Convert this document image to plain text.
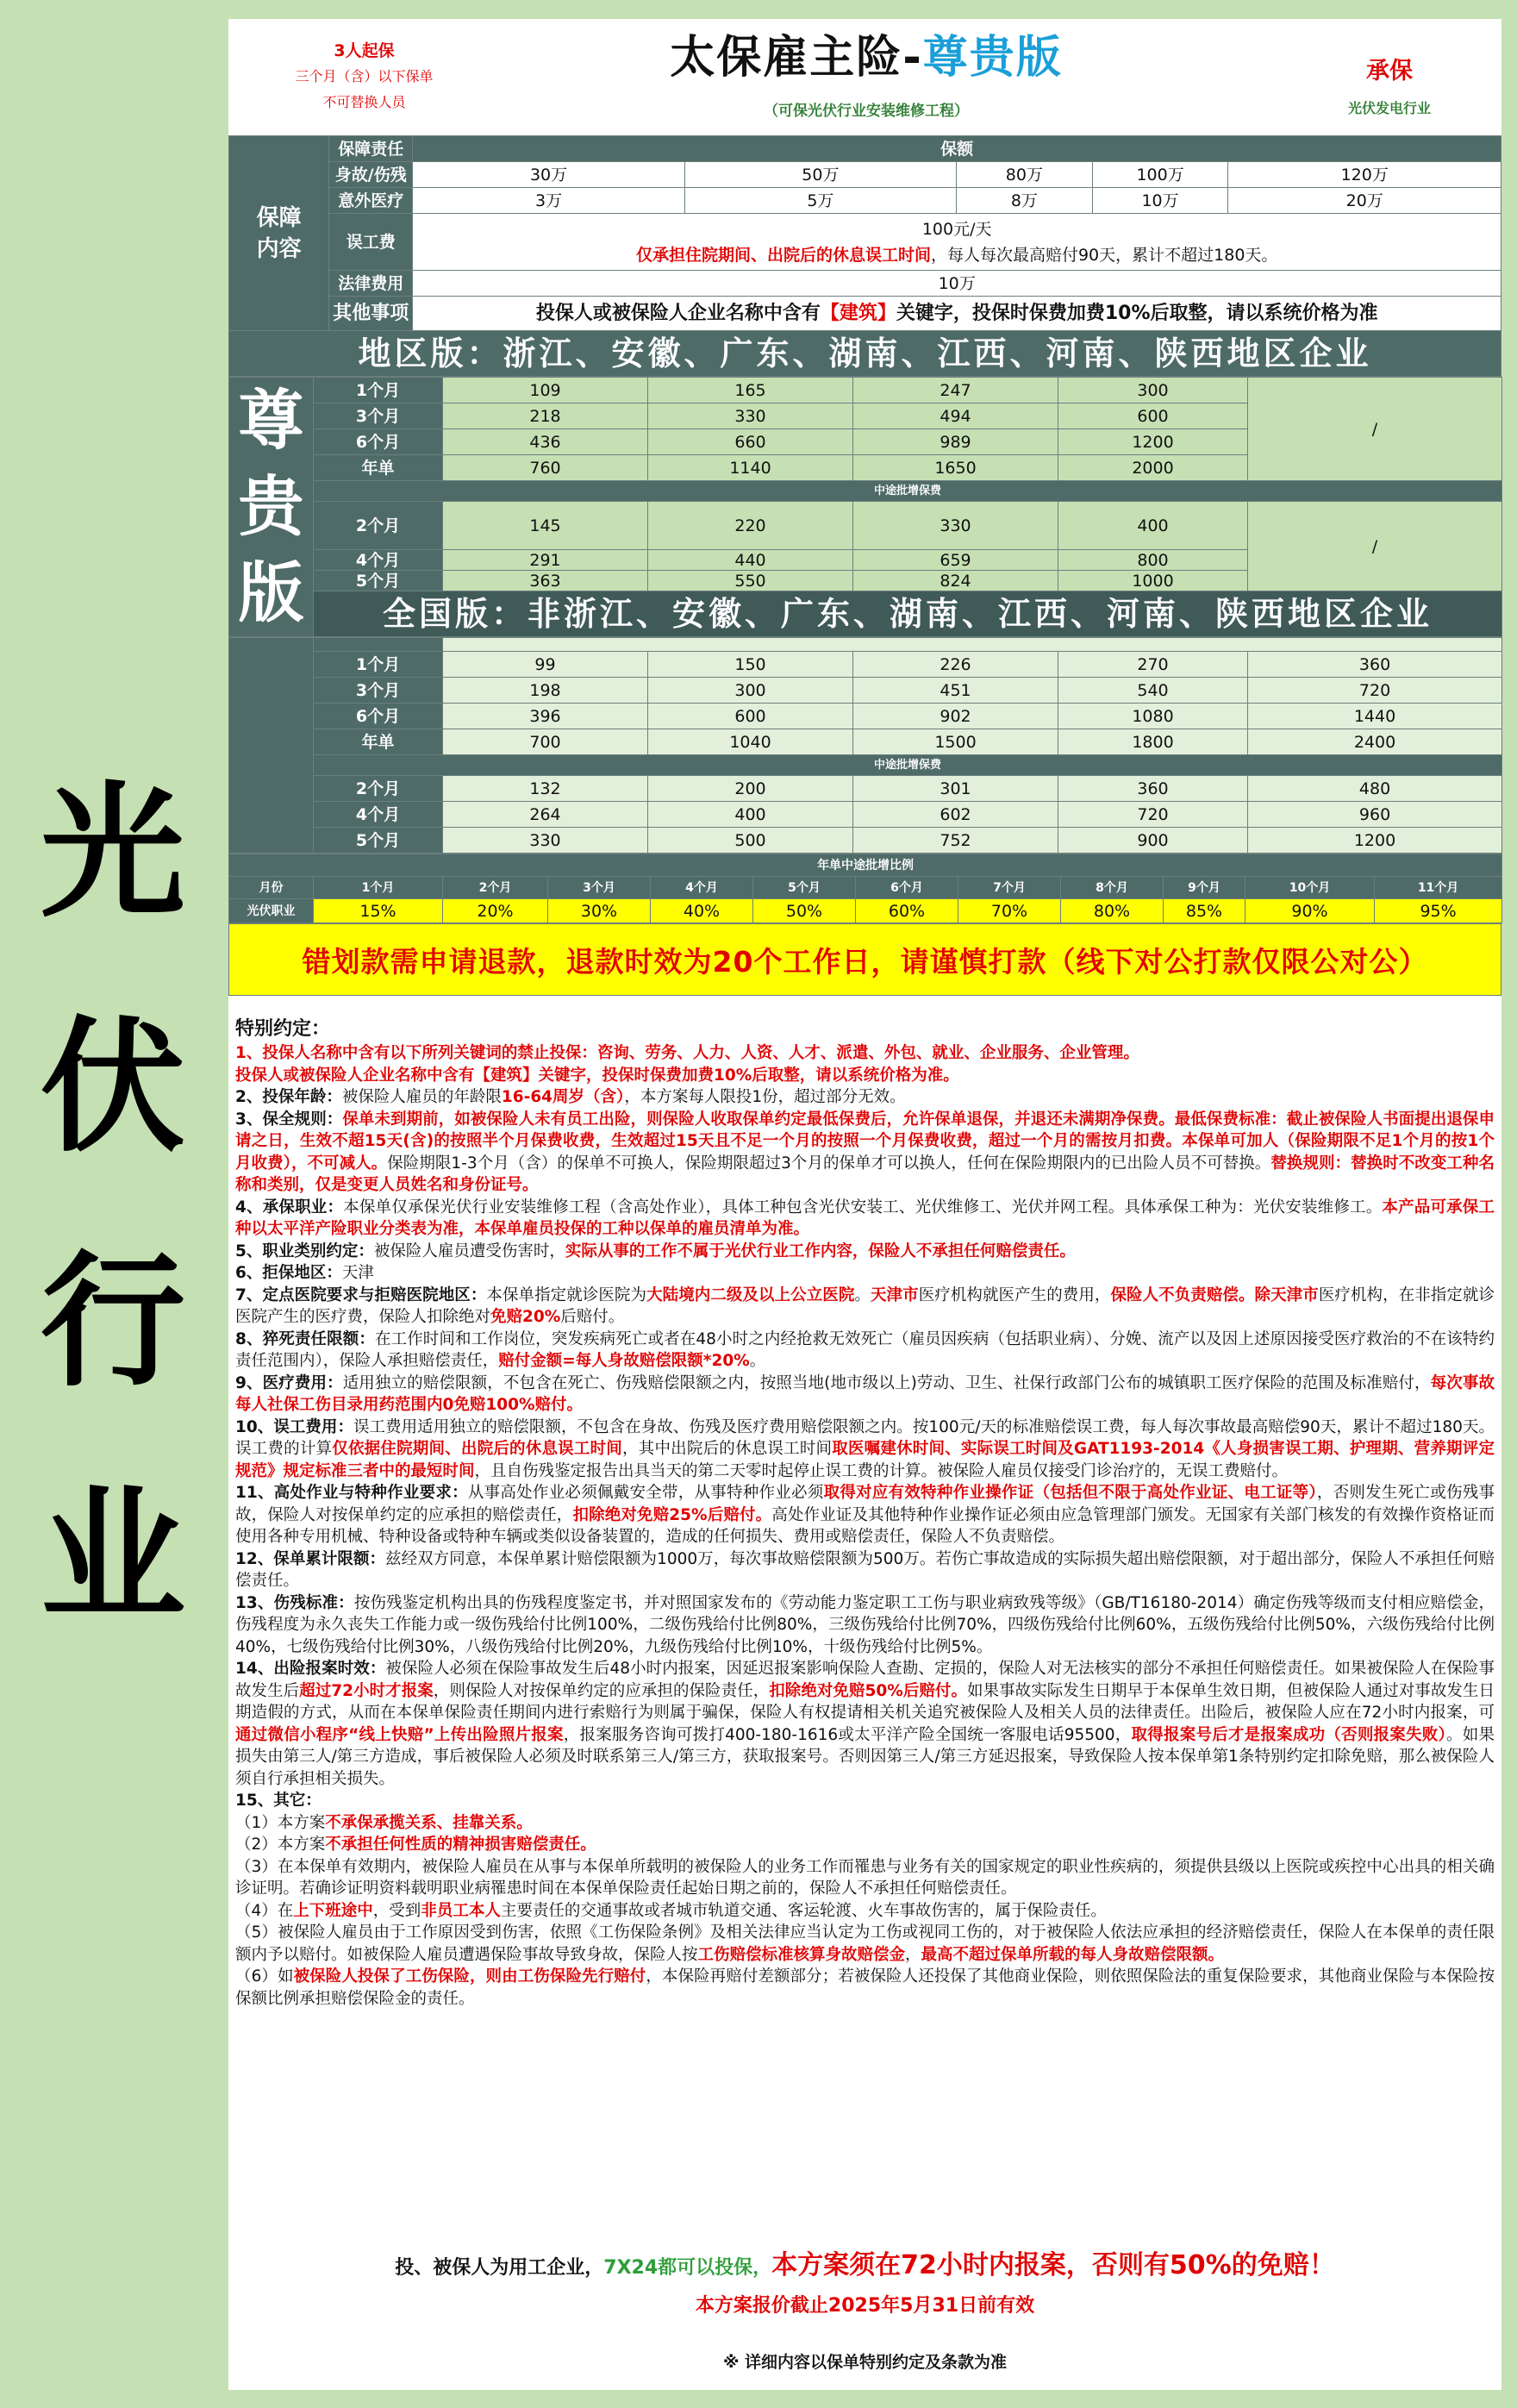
光
伏
行
业
3人起保
三个月（含）以下保单
不可替换人员
太保雇主险-尊贵版
（可保光伏行业安装维修工程）
承保
光伏发电行业
保障
内容	保障责任	保额				
	身故/伤残	30万	50万	80万	100万	120万
	意外医疗	3万	5万	8万	10万	20万
	误工费	100元/天
仅承担住院期间、出院后的休息误工时间，每人每次最高赔付90天，累计不超过180天。				

	法律费用	10万				
	其他事项	投保人或被保险人企业名称中含有【建筑】关键字，投保时保费加费10%后取整，请以系统价格为准				
地区版：浙江、安徽、广东、湖南、江西、河南、陕西地区企业						
尊
贵
版	1个月	109	165	247	300	/
	3个月	218	330	494	600	
	6个月	436	660	989	1200	
	年单	760	1140	1650	2000	
	中途批增保费					
	2个月	145	220	330	400	/
	4个月	291	440	659	800	
	5个月	363	550	824	1000	
	全国版：非浙江、安徽、广东、湖南、江西、河南、陕西地区企业					

	1个月	99	150	226	270	360
	3个月	198	300	451	540	720
	6个月	396	600	902	1080	1440
	年单	700	1040	1500	1800	2400
	中途批增保费					
	2个月	132	200	301	360	480
	4个月	264	400	602	720	960
	5个月	330	500	752	900	1200
年单中途批增比例											
月份	1个月	2个月	3个月	4个月	5个月	6个月	7个月	8个月	9个月	10个月	11个月
光伏职业	15%	20%	30%	40%	50%	60%	70%	80%	85%	90%	95%
错划款需申请退款，退款时效为20个工作日，请谨慎打款（线下对公打款仅限公对公）

特别约定：

1、投保人名称中含有以下所列关键词的禁止投保：咨询、劳务、人力、人资、人才、派遣、外包、就业、企业服务、企业管理。

投保人或被保险人企业名称中含有【建筑】关键字，投保时保费加费10%后取整，请以系统价格为准。

2、投保年龄：被保险人雇员的年龄限16-64周岁（含），本方案每人限投1份，超过部分无效。

3、保全规则：保单未到期前，如被保险人未有员工出险，则保险人收取保单约定最低保费后，允许保单退保，并退还未满期净保费。最低保费标准：截止被保险人书面提出退保申请之日，生效不超15天(含)的按照半个月保费收费，生效超过15天且不足一个月的按照一个月保费收费，超过一个月的需按月扣费。本保单可加人（保险期限不足1个月的按1个月收费），不可减人。保险期限1-3个月（含）的保单不可换人，保险期限超过3个月的保单才可以换人，任何在保险期限内的已出险人员不可替换。替换规则：替换时不改变工种名称和类别，仅是变更人员姓名和身份证号。

4、承保职业：本保单仅承保光伏行业安装维修工程（含高处作业），具体工种包含光伏安装工、光伏维修工、光伏并网工程。具体承保工种为：光伏安装维修工。本产品可承保工种以太平洋产险职业分类表为准，本保单雇员投保的工种以保单的雇员清单为准。

5、职业类别约定：被保险人雇员遭受伤害时，实际从事的工作不属于光伏行业工作内容，保险人不承担任何赔偿责任。

6、拒保地区：天津

7、定点医院要求与拒赔医院地区：本保单指定就诊医院为大陆境内二级及以上公立医院。天津市医疗机构就医产生的费用，保险人不负责赔偿。除天津市医疗机构，在非指定就诊医院产生的医疗费，保险人扣除绝对免赔20%后赔付。

8、猝死责任限额：在工作时间和工作岗位，突发疾病死亡或者在48小时之内经抢救无效死亡（雇员因疾病（包括职业病）、分娩、流产以及因上述原因接受医疗救治的不在该特约责任范围内），保险人承担赔偿责任，赔付金额=每人身故赔偿限额*20%。

9、医疗费用：适用独立的赔偿限额，不包含在死亡、伤残赔偿限额之内，按照当地(地市级以上)劳动、卫生、社保行政部门公布的城镇职工医疗保险的范围及标准赔付，每次事故每人社保工伤目录用药范围内0免赔100%赔付。

10、误工费用：误工费用适用独立的赔偿限额，不包含在身故、伤残及医疗费用赔偿限额之内。按100元/天的标准赔偿误工费，每人每次事故最高赔偿90天，累计不超过180天。误工费的计算仅依据住院期间、出院后的休息误工时间，其中出院后的休息误工时间取医嘱建休时间、实际误工时间及GAT1193-2014《人身损害误工期、护理期、营养期评定规范》规定标准三者中的最短时间，且自伤残鉴定报告出具当天的第二天零时起停止误工费的计算。被保险人雇员仅接受门诊治疗的，无误工费赔付。

11、高处作业与特种作业要求：从事高处作业必须佩戴安全带，从事特种作业必须取得对应有效特种作业操作证（包括但不限于高处作业证、电工证等），否则发生死亡或伤残事故，保险人对按保单约定的应承担的赔偿责任，扣除绝对免赔25%后赔付。高处作业证及其他特种作业操作证必须由应急管理部门颁发。无国家有关部门核发的有效操作资格证而使用各种专用机械、特种设备或特种车辆或类似设备装置的，造成的任何损失、费用或赔偿责任，保险人不负责赔偿。

12、保单累计限额：兹经双方同意，本保单累计赔偿限额为1000万，每次事故赔偿限额为500万。若伤亡事故造成的实际损失超出赔偿限额，对于超出部分，保险人不承担任何赔偿责任。

13、伤残标准：按伤残鉴定机构出具的伤残程度鉴定书，并对照国家发布的《劳动能力鉴定职工工伤与职业病致残等级》（GB/T16180-2014）确定伤残等级而支付相应赔偿金，伤残程度为永久丧失工作能力或一级伤残给付比例100%，二级伤残给付比例80%，三级伤残给付比例70%，四级伤残给付比例60%，五级伤残给付比例50%，六级伤残给付比例40%，七级伤残给付比例30%，八级伤残给付比例20%，九级伤残给付比例10%，十级伤残给付比例5%。

14、出险报案时效：被保险人必须在保险事故发生后48小时内报案，因延迟报案影响保险人查勘、定损的，保险人对无法核实的部分不承担任何赔偿责任。如果被保险人在保险事故发生后超过72小时才报案，则保险人对按保单约定的应承担的保险责任，扣除绝对免赔50%后赔付。如果事故实际发生日期早于本保单生效日期，但被保险人通过对事故发生日期造假的方式，从而在本保单保险责任期间内进行索赔行为则属于骗保，保险人有权提请相关机关追究被保险人及相关人员的法律责任。出险后，被保险人应在72小时内报案，可通过微信小程序“线上快赔”上传出险照片报案，报案服务咨询可拨打400-180-1616或太平洋产险全国统一客服电话95500，取得报案号后才是报案成功（否则报案失败）。如果损失由第三人/第三方造成，事后被保险人必须及时联系第三人/第三方，获取报案号。否则因第三人/第三方延迟报案，导致保险人按本保单第1条特别约定扣除免赔，那么被保险人须自行承担相关损失。

15、其它：

（1）本方案不承保承揽关系、挂靠关系。

（2）本方案不承担任何性质的精神损害赔偿责任。

（3）在本保单有效期内，被保险人雇员在从事与本保单所载明的被保险人的业务工作而罹患与业务有关的国家规定的职业性疾病的，须提供县级以上医院或疾控中心出具的相关确诊证明。若确诊证明资料载明职业病罹患时间在本保单保险责任起始日期之前的，保险人不承担任何赔偿责任。

（4）在上下班途中，受到非员工本人主要责任的交通事故或者城市轨道交通、客运轮渡、火车事故伤害的，属于保险责任。

（5）被保险人雇员由于工作原因受到伤害，依照《工伤保险条例》及相关法律应当认定为工伤或视同工伤的，对于被保险人依法应承担的经济赔偿责任，保险人在本保单的责任限额内予以赔付。如被保险人雇员遭遇保险事故导致身故，保险人按工伤赔偿标准核算身故赔偿金，最高不超过保单所载的每人身故赔偿限额。

（6）如被保险人投保了工伤保险，则由工伤保险先行赔付，本保险再赔付差额部分；若被保险人还投保了其他商业保险，则依照保险法的重复保险要求，其他商业保险与本保险按保额比例承担赔偿保险金的责任。

投、被保人为用工企业，7X24都可以投保，本方案须在72小时内报案，否则有50%的免赔！
本方案报价截止2025年5月31日前有效
※ 详细内容以保单特别约定及条款为准
